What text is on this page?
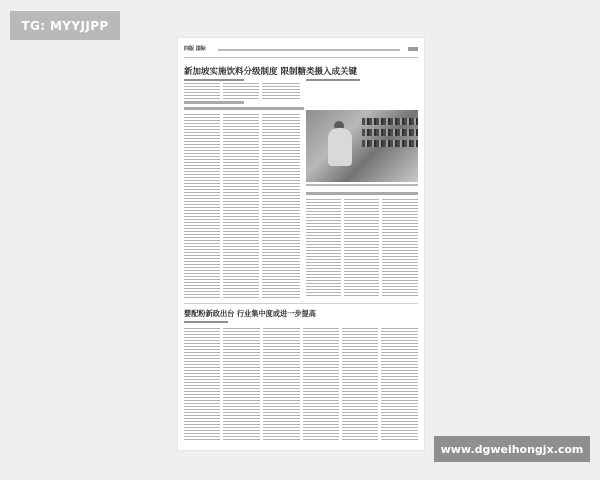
TG: MYYJJPP
四版 国际
新加坡实施饮料分级制度 限制糖类摄入成关键
婴配粉新政出台 行业集中度或进一步提高
www.dgweihongjx.com
